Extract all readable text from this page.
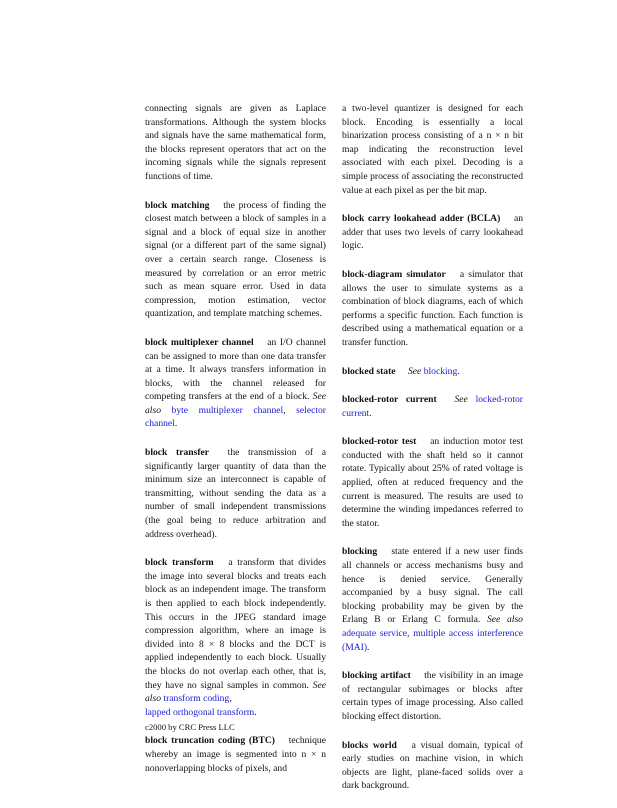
connecting signals are given as Laplace transformations. Although the system blocks and signals have the same mathematical form, the blocks represent operators that act on the incoming signals while the signals represent functions of time.

block matching the process of finding the closest match between a block of samples in a signal and a block of equal size in another signal (or a different part of the same signal) over a certain search range. Closeness is measured by correlation or an error metric such as mean square error. Used in data compression, motion estimation, vector quantization, and template matching schemes.

block multiplexer channel an I/O channel can be assigned to more than one data transfer at a time. It always transfers information in blocks, with the channel released for competing transfers at the end of a block. See also byte multiplexer channel, selector channel.

block transfer the transmission of a significantly larger quantity of data than the minimum size an interconnect is capable of transmitting, without sending the data as a number of small independent transmissions (the goal being to reduce arbitration and address overhead).

block transform a transform that divides the image into several blocks and treats each block as an independent image. The transform is then applied to each block independently. This occurs in the JPEG standard image compression algorithm, where an image is divided into 8 × 8 blocks and the DCT is applied independently to each block. Usually the blocks do not overlap each other, that is, they have no signal samples in common. See also transform coding,
lapped orthogonal transform.

block truncation coding (BTC) technique whereby an image is segmented into n × n nonoverlapping blocks of pixels, and

a two-level quantizer is designed for each block. Encoding is essentially a local binarization process consisting of a n × n bit map indicating the reconstruction level associated with each pixel. Decoding is a simple process of associating the reconstructed value at each pixel as per the bit map.

block carry lookahead adder (BCLA) an adder that uses two levels of carry lookahead logic.

block-diagram simulator a simulator that allows the user to simulate systems as a combination of block diagrams, each of which performs a specific function. Each function is described using a mathematical equation or a transfer function.

blocked state See blocking.

blocked-rotor current See locked-rotor current.

blocked-rotor test an induction motor test conducted with the shaft held so it cannot rotate. Typically about 25% of rated voltage is applied, often at reduced frequency and the current is measured. The results are used to determine the winding impedances referred to the stator.

blocking state entered if a new user finds all channels or access mechanisms busy and hence is denied service. Generally accompanied by a busy signal. The call blocking probability may be given by the Erlang B or Erlang C formula. See also adequate service, multiple access interference (MAI).

blocking artifact the visibility in an image of rectangular subimages or blocks after certain types of image processing. Also called blocking effect distortion.

blocks world a visual domain, typical of early studies on machine vision, in which objects are light, plane-faced solids over a dark background.

c2000 by CRC Press LLC
